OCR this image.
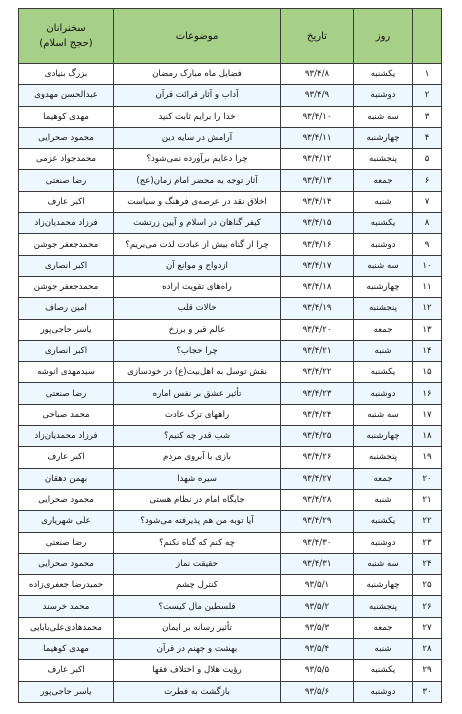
	روز	تاریخ	موضوعات	سخنرانان
(حجج اسلام)

۱	یکشنبه	۹۳/۴/۸	فضایل ماه مبارک رمضان	بزرگ بنیادی
۲	دوشنبه	۹۳/۴/۹	آداب و آثار قرائت قرآن	عبدالحسن مهدوی
۳	سه شنبه	۹۳/۴/۱۰	خدا را برایم ثابت کنید	مهدی کوهیما
۴	چهارشنبه	۹۳/۴/۱۱	آرامش در سایه دین	محمود صحرایی
۵	پنجشنبه	۹۳/۴/۱۲	چرا دعایم برآورده نمی‌شود؟	محمدجواد عزمی
۶	جمعه	۹۳/۴/۱۳	آثار توجه به محضر امام زمان(عج)	رضا صنعتی
۷	شنبه	۹۳/۴/۱۴	اخلاق نقد در عرصه‌ی فرهنگ و سیاست	اکبر عارف
۸	یکشنبه	۹۳/۴/۱۵	کیفر گناهان در اسلام و آیین زرتشت	فرزاد محمدیان‌زاد
۹	دوشنبه	۹۳/۴/۱۶	چرا از گناه بیش از عبادت لذت می‌بریم؟	محمدجعفر جوشن
۱۰	سه شنبه	۹۳/۴/۱۷	ازدواج و موانع آن	اکبر انصاری
۱۱	چهارشنبه	۹۳/۴/۱۸	راه‌های تقویت اراده	محمدجعفر جوشن
۱۲	پنجشنبه	۹۳/۴/۱۹	حالات قلب	امین رصاف
۱۳	جمعه	۹۳/۴/۲۰	عالم قبر و برزخ	یاسر حاجی‌پور
۱۴	شنبه	۹۳/۴/۲۱	چرا حجاب؟	اکبر انصاری
۱۵	یکشنبه	۹۳/۴/۲۲	نقش توسل به اهل‌بیت(ع) در خودسازی	سیدمهدی انوشه
۱۶	دوشنبه	۹۳/۴/۲۳	تأثیر عشق بر نفس اماره	رضا صنعتی
۱۷	سه شنبه	۹۳/۴/۲۴	راههای ترک عادت	محمد صباحی
۱۸	چهارشنبه	۹۳/۴/۲۵	شب قدر چه کنیم؟	فرزاد محمدیان‌زاد
۱۹	پنجشنبه	۹۳/۴/۲۶	بازی با آبروی مردم	اکبر عارف
۲۰	جمعه	۹۳/۴/۲۷	سیره شهدا	بهمن دهقان
۲۱	شنبه	۹۳/۴/۲۸	جایگاه امام در نظام هستی	محمود صحرایی
۲۲	یکشنبه	۹۳/۴/۲۹	آیا توبه من هم پذیرفته می‌شود؟	علی شهریاری
۲۳	دوشنبه	۹۳/۴/۳۰	چه کنم که گناه نکنم؟	رضا صنعتی
۲۴	سه شنبه	۹۳/۴/۳۱	حقیقت نماز	محمود صحرایی
۲۵	چهارشنبه	۹۳/۵/۱	کنترل چشم	حمیدرضا جعفری‌زاده
۲۶	پنجشنبه	۹۳/۵/۲	فلسطین مال کیست؟	محمد خرسند
۲۷	جمعه	۹۳/۵/۳	تأثیر رسانه بر ایمان	محمدهادی‌علی‌بابایی
۲۸	شنبه	۹۳/۵/۴	بهشت و جهنم در قرآن	مهدی کوهیما
۲۹	یکشنبه	۹۳/۵/۵	رؤیت هلال و اختلاف فقها	اکبر عارف
۳۰	دوشنبه	۹۳/۵/۶	بازگشت به فطرت	یاسر حاجی‌پور
